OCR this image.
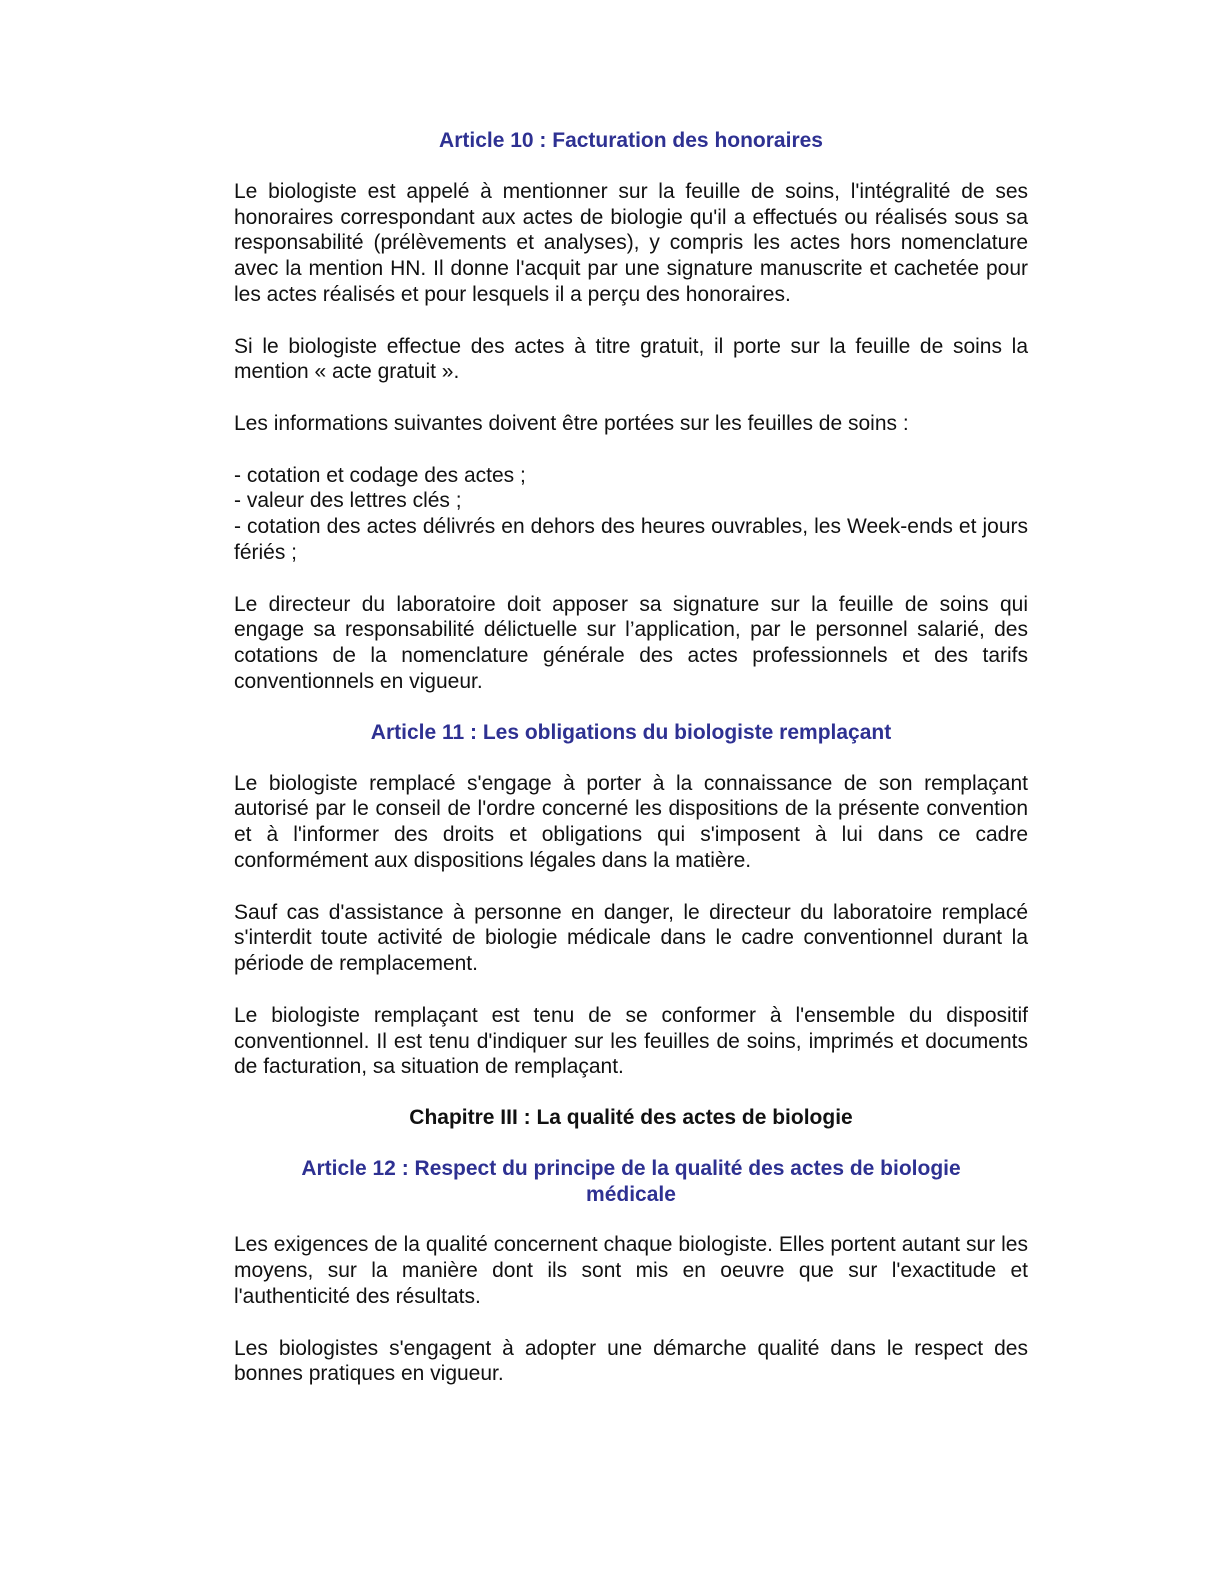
Article 10 : Facturation des honoraires

Le biologiste est appelé à mentionner sur la feuille de soins, l'intégralité de ses honoraires correspondant aux actes de biologie qu'il a effectués ou réalisés sous sa responsabilité (prélèvements et analyses), y compris les actes hors nomenclature avec la mention HN. Il donne l'acquit par une signature manuscrite et cachetée pour les actes réalisés et pour lesquels il a perçu des honoraires.

Si le biologiste effectue des actes à titre gratuit, il porte sur la feuille de soins la mention « acte gratuit ».

Les informations suivantes doivent être portées sur les feuilles de soins :

- cotation et codage des actes ;

- valeur des lettres clés ;

- cotation des actes délivrés en dehors des heures ouvrables, les Week-ends et jours fériés ;

Le directeur du laboratoire doit apposer sa signature sur la feuille de soins qui engage sa responsabilité délictuelle sur l’application, par le personnel salarié, des cotations de la nomenclature générale des actes professionnels et des tarifs conventionnels en vigueur.

Article 11 : Les obligations du biologiste remplaçant

Le biologiste remplacé s'engage à porter à la connaissance de son remplaçant autorisé par le conseil de l'ordre concerné les dispositions de la présente convention et à l'informer des droits et obligations qui s'imposent à lui dans ce cadre conformément aux dispositions légales dans la matière.

Sauf cas d'assistance à personne en danger, le directeur du laboratoire remplacé s'interdit toute activité de biologie médicale dans le cadre conventionnel durant la période de remplacement.

Le biologiste remplaçant est tenu de se conformer à l'ensemble du dispositif conventionnel. Il est tenu d'indiquer sur les feuilles de soins, imprimés et documents de facturation, sa situation de remplaçant.

Chapitre III : La qualité des actes de biologie
Article 12 : Respect du principe de la qualité des actes de biologie
médicale

Les exigences de la qualité concernent chaque biologiste. Elles portent autant sur les moyens, sur la manière dont ils sont mis en oeuvre que sur l'exactitude et l'authenticité des résultats.

Les biologistes s'engagent à adopter une démarche qualité dans le respect des bonnes pratiques en vigueur.
